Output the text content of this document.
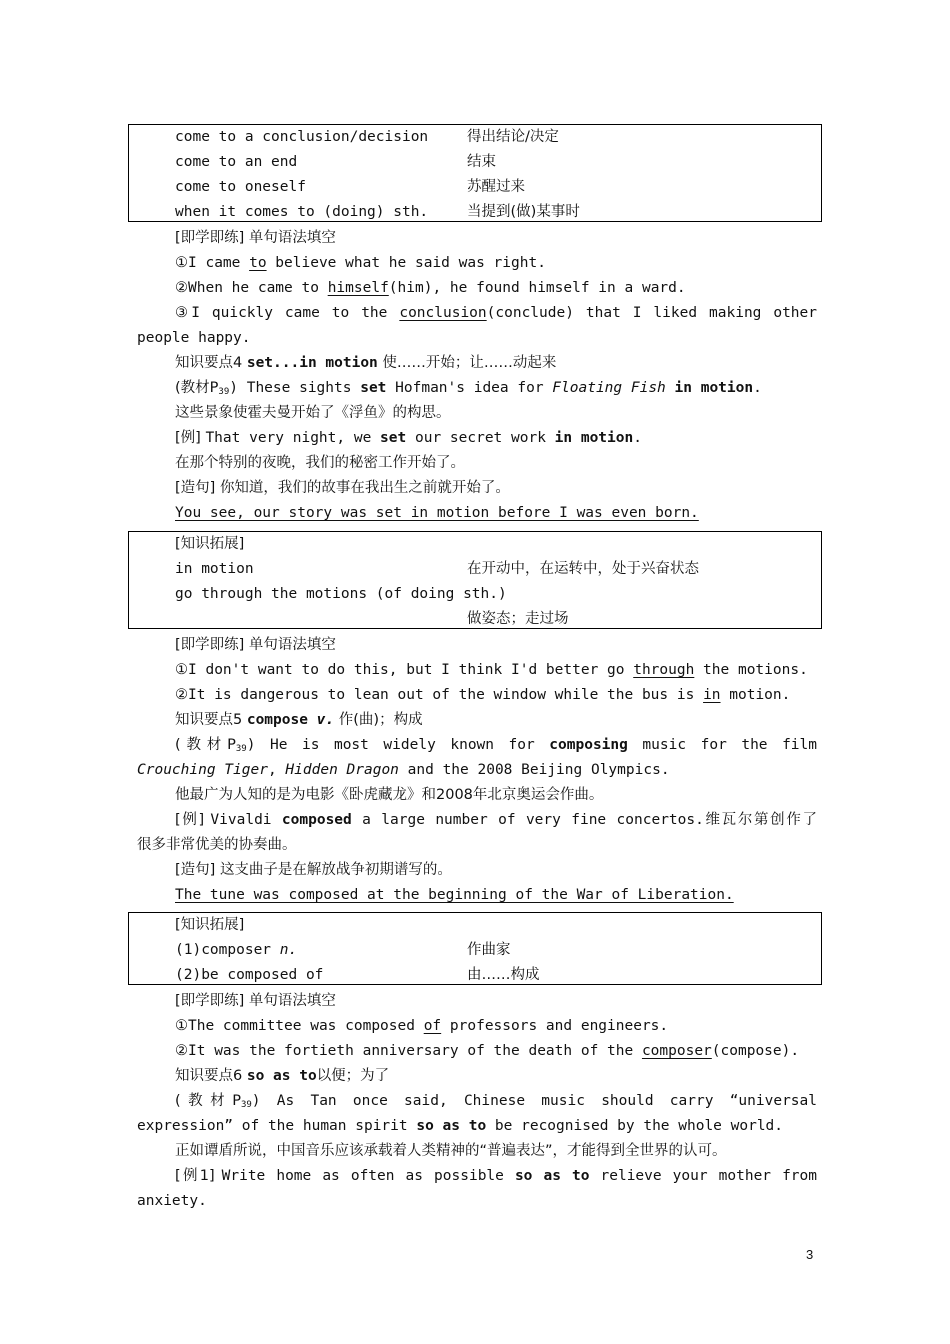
come to a conclusion/decision	得出结论/决定
come to an end	结束
come to oneself	苏醒过来
when it comes to (doing) sth.	当提到(做)某事时
[即学即练] 单句语法填空
①I came to believe what he said was right.
②When he came to himself(him), he found himself in a ward.
③I quickly came to the conclusion(conclude) that I liked making other
people happy.
知识要点4 set...in motion 使……开始；让……动起来
(教材$P_{39}$) These sights set Hofman's idea for Floating Fish in motion.
这些景象使霍夫曼开始了《浮鱼》的构思。
[例] That very night, we set our secret work in motion.
在那个特别的夜晚，我们的秘密工作开始了。
[造句] 你知道，我们的故事在我出生之前就开始了。
You see, our story was set in motion before I was even born.
[知识拓展]
in motion	在开动中，在运转中，处于兴奋状态
go through the motions (of doing sth.)
做姿态；走过场
[即学即练] 单句语法填空
①I don't want to do this, but I think I'd better go through the motions.
②It is dangerous to lean out of the window while the bus is in motion.
知识要点5 compose v. 作(曲)；构成
(教材$P_{39}$) He is most widely known for composing music for the film
Crouching Tiger, Hidden Dragon and the 2008 Beijing Olympics.
他最广为人知的是为电影《卧虎藏龙》和2008年北京奥运会作曲。
[例] Vivaldi composed a large number of very fine concertos.维瓦尔第创作了
很多非常优美的协奏曲。
[造句] 这支曲子是在解放战争初期谱写的。
The tune was composed at the beginning of the War of Liberation.
[知识拓展]
(1)composer n.	作曲家
(2)be composed of	由……构成
[即学即练] 单句语法填空
①The committee was composed of professors and engineers.
②It was the fortieth anniversary of the death of the composer(compose).
知识要点6 so as to以便；为了
(教材$P_{39}$) As Tan once said, Chinese music should carry “universal
expression” of the human spirit so as to be recognised by the whole world.
正如谭盾所说，中国音乐应该承载着人类精神的“普遍表达”，才能得到全世界的认可。
[例1] Write home as often as possible so as to relieve your mother from
anxiety.
3
